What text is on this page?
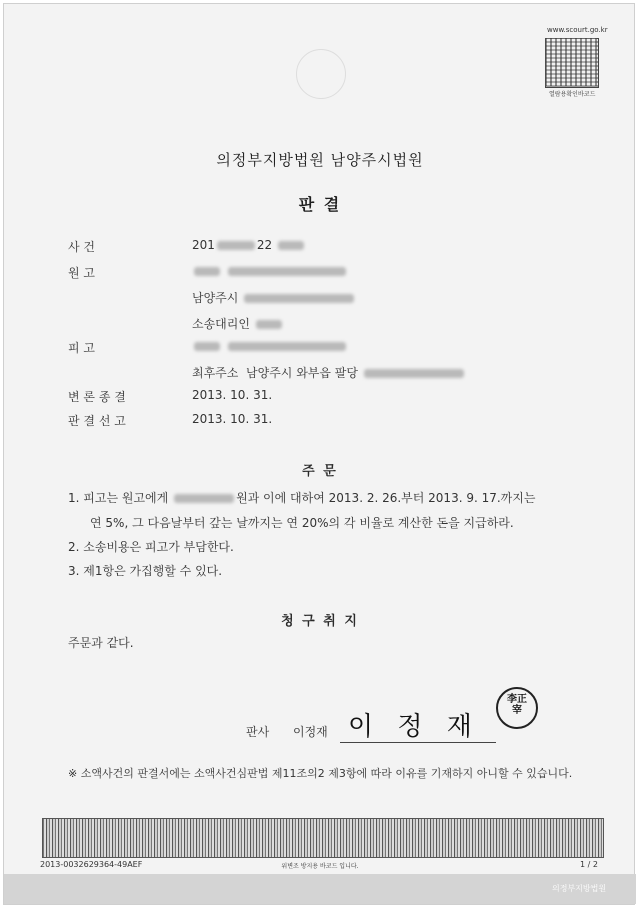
www.scourt.go.kr
열람용확인바코드
의정부지방법원 남양주시법원
판 결
사 건	201	22
원 고

남양주시
소송대리인
피 고

최후주소 남양주시 와부읍 팔당
변 론 종 결	2013. 10. 31.
판 결 선 고	2013. 10. 31.
주 문
1. 피고는 원고에게	원과 이에 대하여 2013. 2. 26.부터 2013. 9. 17.까지는
연 5%, 그 다음날부터 갚는 날까지는 연 20%의 각 비율로 계산한 돈을 지급하라.
2. 소송비용은 피고가 부담한다.
3. 제1항은 가집행할 수 있다.
청 구 취 지
주문과 같다.
판사 이정재 이 정 재
李正宰
※ 소액사건의 판결서에는 소액사건심판법 제11조의2 제3항에 따라 이유를 기재하지 아니할 수 있습니다.
2013-0032629364-49AEF	위변조 방지용 바코드 입니다.	1 / 2
의정부지방법원
